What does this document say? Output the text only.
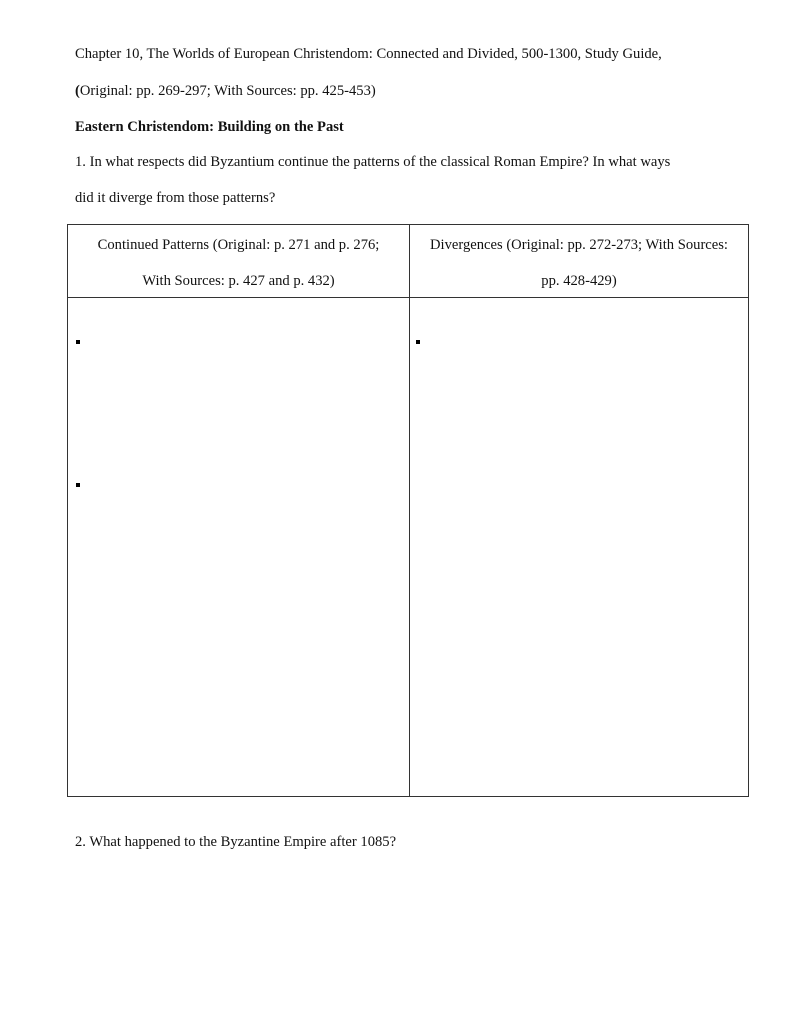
Chapter 10, The Worlds of European Christendom: Connected and Divided, 500-1300, Study Guide,
(Original: pp. 269-297; With Sources: pp. 425-453)
Eastern Christendom: Building on the Past
1. In what respects did Byzantium continue the patterns of the classical Roman Empire? In what ways
did it diverge from those patterns?
Continued Patterns (Original: p. 271 and p. 276;
With Sources: p. 427 and p. 432)
Divergences (Original: pp. 272-273; With Sources:
pp. 428-429)
2. What happened to the Byzantine Empire after 1085?
